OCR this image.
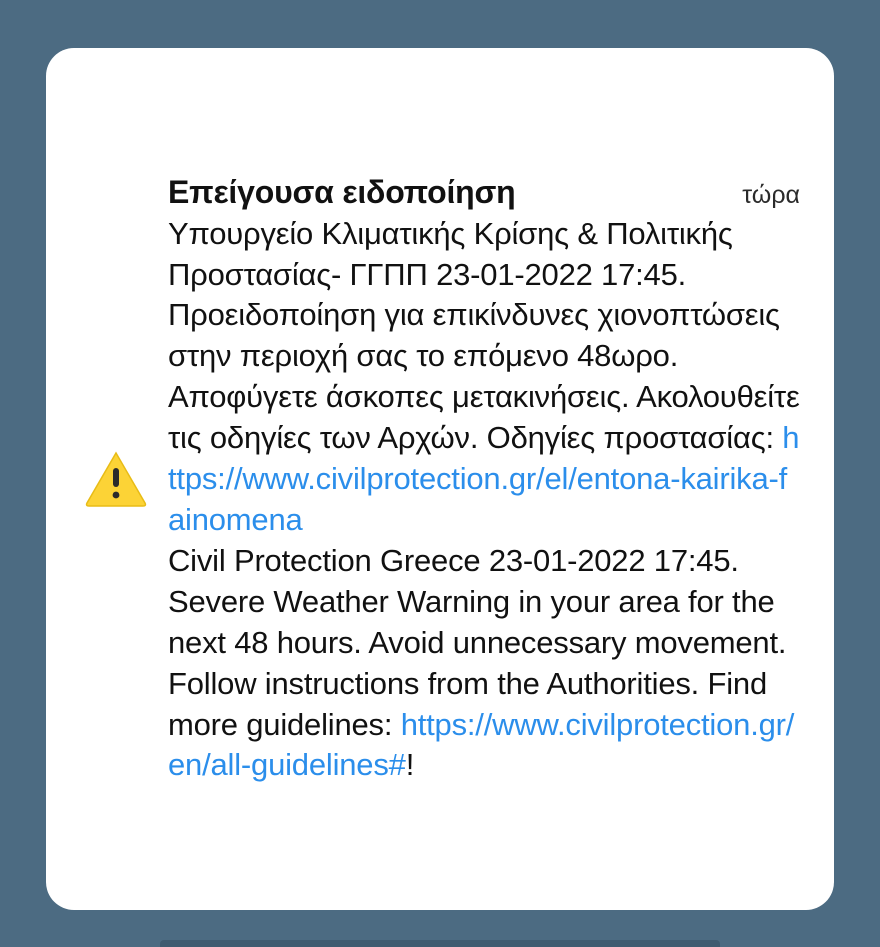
Επείγουσα ειδοποίηση	τώρα

Υπουργείο Κλιματικής Κρίσης & Πολιτικής Προστασίας- ΓΓΠΠ 23-01-2022 17:45. Προειδοποίηση για επικίνδυνες χιονοπτώσεις στην περιοχή σας το επόμενο 48ωρο. Αποφύγετε άσκοπες μετακινήσεις. Ακολουθείτε τις οδηγίες των Αρχών. Οδηγίες προστασίας: https://www.civilprotection.gr/el/entona-kairika-fainomena

Civil Protection Greece 23-01-2022 17:45. Severe Weather Warning in your area for the next 48 hours. Avoid unnecessary movement. Follow instructions from the Authorities. Find more guidelines: https://www.civilprotection.gr/en/all-guidelines#!
